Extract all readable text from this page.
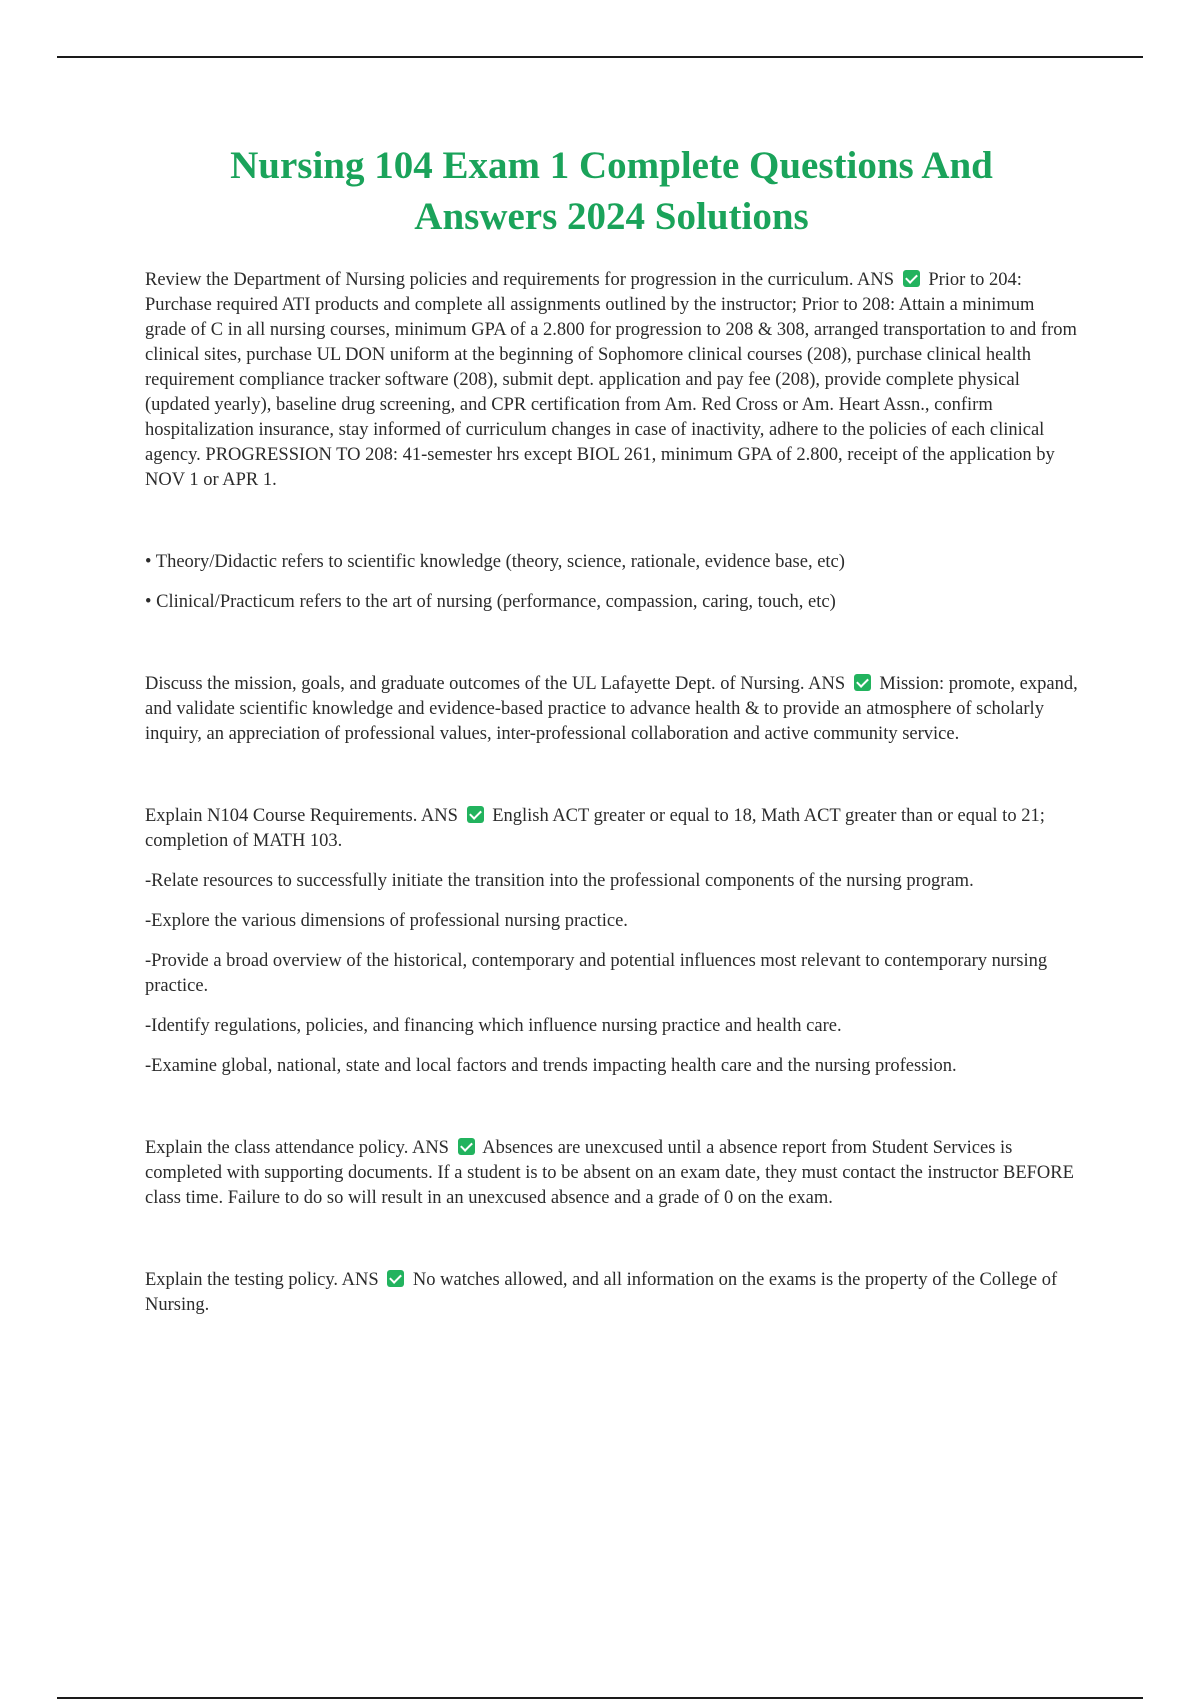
Nursing 104 Exam 1 Complete Questions And
Answers 2024 Solutions

Review the Department of Nursing policies and requirements for progression in the curriculum. ANS Prior to 204: Purchase required ATI products and complete all assignments outlined by the instructor; Prior to 208: Attain a minimum grade of C in all nursing courses, minimum GPA of a 2.800 for progression to 208 & 308, arranged transportation to and from clinical sites, purchase UL DON uniform at the beginning of Sophomore clinical courses (208), purchase clinical health requirement compliance tracker software (208), submit dept. application and pay fee (208), provide complete physical (updated yearly), baseline drug screening, and CPR certification from Am. Red Cross or Am. Heart Assn., confirm hospitalization insurance, stay informed of curriculum changes in case of inactivity, adhere to the policies of each clinical agency. PROGRESSION TO 208: 41-semester hrs except BIOL 261, minimum GPA of 2.800, receipt of the application by NOV 1 or APR 1.

• Theory/Didactic refers to scientific knowledge (theory, science, rationale, evidence base, etc)

• Clinical/Practicum refers to the art of nursing (performance, compassion, caring, touch, etc)

Discuss the mission, goals, and graduate outcomes of the UL Lafayette Dept. of Nursing. ANS Mission: promote, expand, and validate scientific knowledge and evidence-based practice to advance health & to provide an atmosphere of scholarly inquiry, an appreciation of professional values, inter-professional collaboration and active community service.

Explain N104 Course Requirements. ANS English ACT greater or equal to 18, Math ACT greater than or equal to 21; completion of MATH 103.

-Relate resources to successfully initiate the transition into the professional components of the nursing program.

-Explore the various dimensions of professional nursing practice.

-Provide a broad overview of the historical, contemporary and potential influences most relevant to contemporary nursing practice.

-Identify regulations, policies, and financing which influence nursing practice and health care.

-Examine global, national, state and local factors and trends impacting health care and the nursing profession.

Explain the class attendance policy. ANS Absences are unexcused until a absence report from Student Services is completed with supporting documents. If a student is to be absent on an exam date, they must contact the instructor BEFORE class time. Failure to do so will result in an unexcused absence and a grade of 0 on the exam.

Explain the testing policy. ANS No watches allowed, and all information on the exams is the property of the College of Nursing.
